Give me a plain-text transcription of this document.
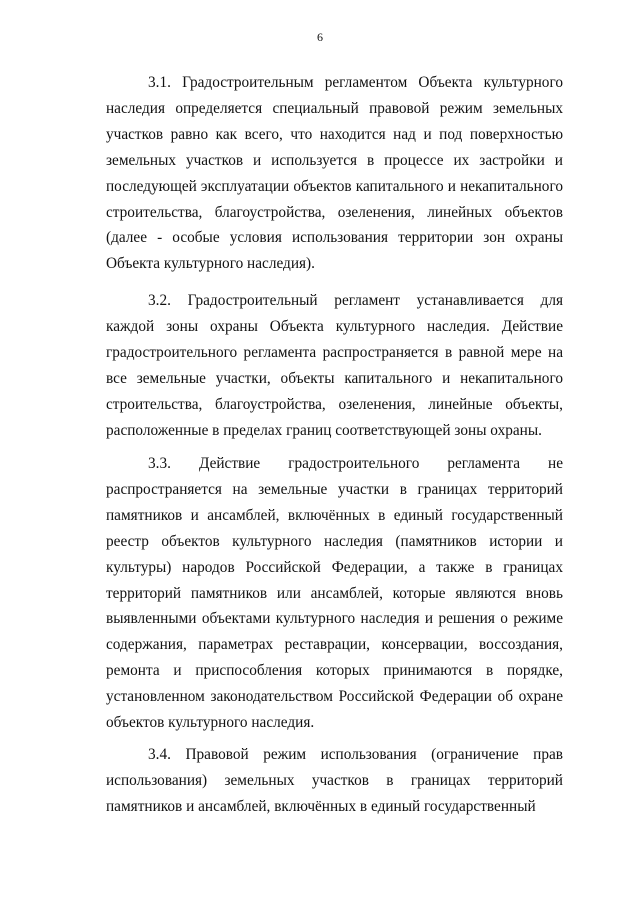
6

3.1. Градостроительным регламентом Объекта культурного наследия определяется специальный правовой режим земельных участков равно как всего, что находится над и под поверхностью земельных участков и используется в процессе их застройки и последующей эксплуатации объектов капитального и некапитального строительства, благоустройства, озеленения, линейных объектов (далее - особые условия использования территории зон охраны Объекта культурного наследия).

3.2. Градостроительный регламент устанавливается для каждой зоны охраны Объекта культурного наследия. Действие градостроительного регламента распространяется в равной мере на все земельные участки, объекты капитального и некапитального строительства, благоустройства, озеленения, линейные объекты, расположенные в пределах границ соответствующей зоны охраны.

3.3. Действие градостроительного регламента не распространяется на земельные участки в границах территорий памятников и ансамблей, включённых в единый государственный реестр объектов культурного наследия (памятников истории и культуры) народов Российской Федерации, а также в границах территорий памятников или ансамблей, которые являются вновь выявленными объектами культурного наследия и решения о режиме содержания, параметрах реставрации, консервации, воссоздания, ремонта и приспособления которых принимаются в порядке, установленном законодательством Российской Федерации об охране объектов культурного наследия.

3.4. Правовой режим использования (ограничение прав использования) земельных участков в границах территорий памятников и ансамблей, включённых в единый государственный
